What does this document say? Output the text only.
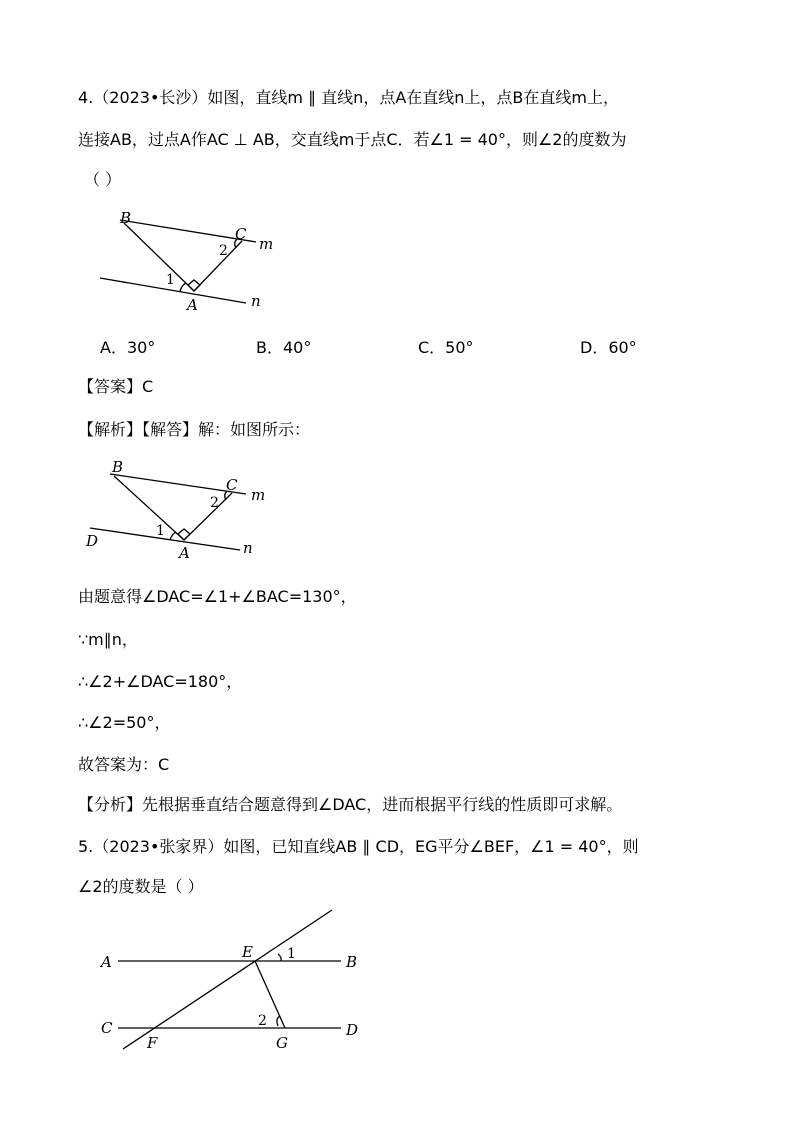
4.（2023•长沙）如图，直线m ∥ 直线n，点A在直线n上，点B在直线m上，
连接AB，过点A作AC ⊥ AB，交直线m于点C．若∠1 = 40°，则∠2的度数为
（ ）
B
C
m
2
1
A	n
A．30°	B．40°	C．50°	D．60°
【答案】C
【解析】【解答】解：如图所示：
B
C
m
2
1
A	n
D
由题意得∠DAC=∠1+∠BAC=130°，
∵m∥n，
∴∠2+∠DAC=180°，
∴∠2=50°，
故答案为：C
【分析】先根据垂直结合题意得到∠DAC，进而根据平行线的性质即可求解。
5.（2023•张家界）如图，已知直线AB ∥ CD，EG平分∠BEF，∠1 = 40°，则
∠2的度数是（ ）
A
E 1	B
C	2	D
F	G
